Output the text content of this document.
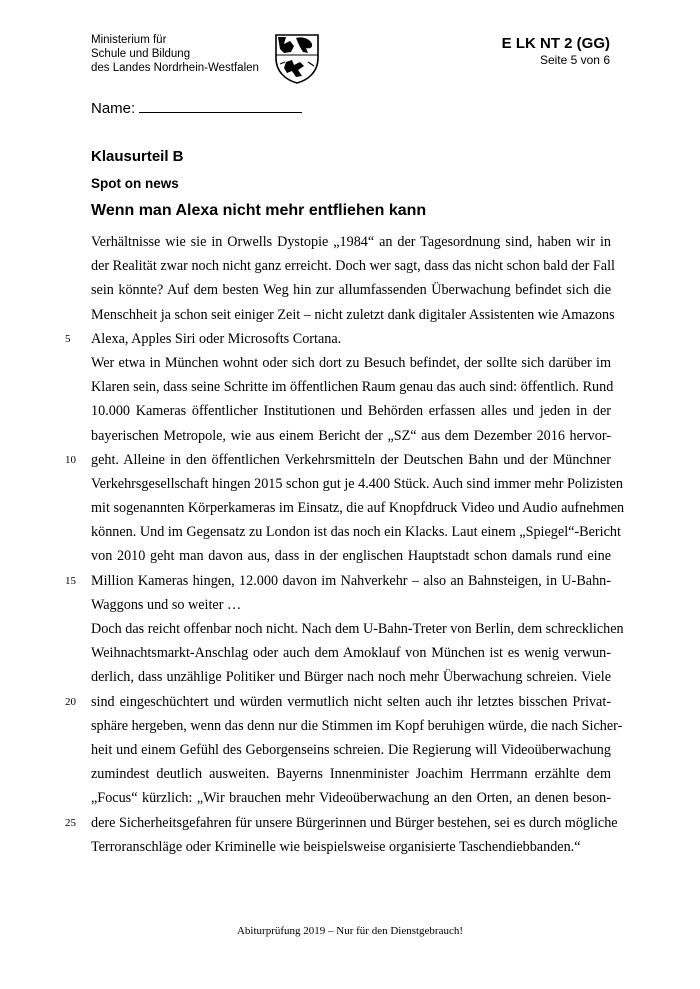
Ministerium für
Schule und Bildung
des Landes Nordrhein-Westfalen
E LK NT 2 (GG)
Seite 5 von 6
Name:
Klausurteil B
Spot on news
Wenn man Alexa nicht mehr entfliehen kann
Verhältnisse wie sie in Orwells Dystopie „1984“ an der Tagesordnung sind, haben wir in
der Realität zwar noch nicht ganz erreicht. Doch wer sagt, dass das nicht schon bald der Fall
sein könnte? Auf dem besten Weg hin zur allumfassenden Überwachung befindet sich die
Menschheit ja schon seit einiger Zeit – nicht zuletzt dank digitaler Assistenten wie Amazons
5	Alexa, Apples Siri oder Microsofts Cortana.
Wer etwa in München wohnt oder sich dort zu Besuch befindet, der sollte sich darüber im
Klaren sein, dass seine Schritte im öffentlichen Raum genau das auch sind: öffentlich. Rund
10.000 Kameras öffentlicher Institutionen und Behörden erfassen alles und jeden in der
bayerischen Metropole, wie aus einem Bericht der „SZ“ aus dem Dezember 2016 hervor-
10	geht. Alleine in den öffentlichen Verkehrsmitteln der Deutschen Bahn und der Münchner
Verkehrsgesellschaft hingen 2015 schon gut je 4.400 Stück. Auch sind immer mehr Polizisten
mit sogenannten Körperkameras im Einsatz, die auf Knopfdruck Video und Audio aufnehmen
können. Und im Gegensatz zu London ist das noch ein Klacks. Laut einem „Spiegel“-Bericht
von 2010 geht man davon aus, dass in der englischen Hauptstadt schon damals rund eine
15	Million Kameras hingen, 12.000 davon im Nahverkehr – also an Bahnsteigen, in U-Bahn-
Waggons und so weiter …
Doch das reicht offenbar noch nicht. Nach dem U-Bahn-Treter von Berlin, dem schrecklichen
Weihnachtsmarkt-Anschlag oder auch dem Amoklauf von München ist es wenig verwun-
derlich, dass unzählige Politiker und Bürger nach noch mehr Überwachung schreien. Viele
20	sind eingeschüchtert und würden vermutlich nicht selten auch ihr letztes bisschen Privat-
sphäre hergeben, wenn das denn nur die Stimmen im Kopf beruhigen würde, die nach Sicher-
heit und einem Gefühl des Geborgenseins schreien. Die Regierung will Videoüberwachung
zumindest deutlich ausweiten. Bayerns Innenminister Joachim Herrmann erzählte dem
„Focus“ kürzlich: „Wir brauchen mehr Videoüberwachung an den Orten, an denen beson-
25	dere Sicherheitsgefahren für unsere Bürgerinnen und Bürger bestehen, sei es durch mögliche
Terroranschläge oder Kriminelle wie beispielsweise organisierte Taschendiebbanden.“
Abiturprüfung 2019 – Nur für den Dienstgebrauch!
